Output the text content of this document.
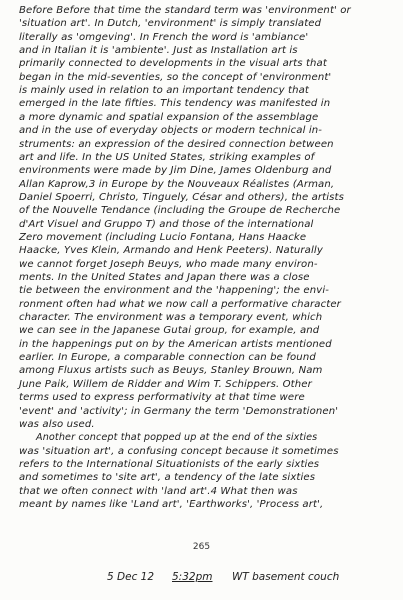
Before Before that time the standard term was 'environment' or
'situation art'. In Dutch, 'environment' is simply translated
literally as 'omgeving'. In French the word is 'ambiance'
and in Italian it is 'ambiente'. Just as Installation art is
primarily connected to developments in the visual arts that
began in the mid-seventies, so the concept of 'environment'
is mainly used in relation to an important tendency that
emerged in the late fifties. This tendency was manifested in
a more dynamic and spatial expansion of the assemblage
and in the use of everyday objects or modern technical in-
struments: an expression of the desired connection between
art and life. In the US United States, striking examples of
environments were made by Jim Dine, James Oldenburg and
Allan Kaprow,3 in Europe by the Nouveaux Réalistes (Arman,
Daniel Spoerri, Christo, Tinguely, César and others), the artists
of the Nouvelle Tendance (including the Groupe de Recherche
d'Art Visuel and Gruppo T) and those of the international
Zero movement (including Lucio Fontana, Hans Haacke
Haacke, Yves Klein, Armando and Henk Peeters). Naturally
we cannot forget Joseph Beuys, who made many environ-
ments. In the United States and Japan there was a close
tie between the environment and the 'happening'; the envi-
ronment often had what we now call a performative character
character. The environment was a temporary event, which
we can see in the Japanese Gutai group, for example, and
in the happenings put on by the American artists mentioned
earlier. In Europe, a comparable connection can be found
among Fluxus artists such as Beuys, Stanley Brouwn, Nam
June Paik, Willem de Ridder and Wim T. Schippers. Other
terms used to express performativity at that time were
'event' and 'activity'; in Germany the term 'Demonstrationen'
was also used.
Another concept that popped up at the end of the sixties
was 'situation art', a confusing concept because it sometimes
refers to the International Situationists of the early sixties
and sometimes to 'site art', a tendency of the late sixties
that we often connect with 'land art'.4 What then was
meant by names like 'Land art', 'Earthworks', 'Process art',
265
5 Dec 12 5:32pm WT basement couch
